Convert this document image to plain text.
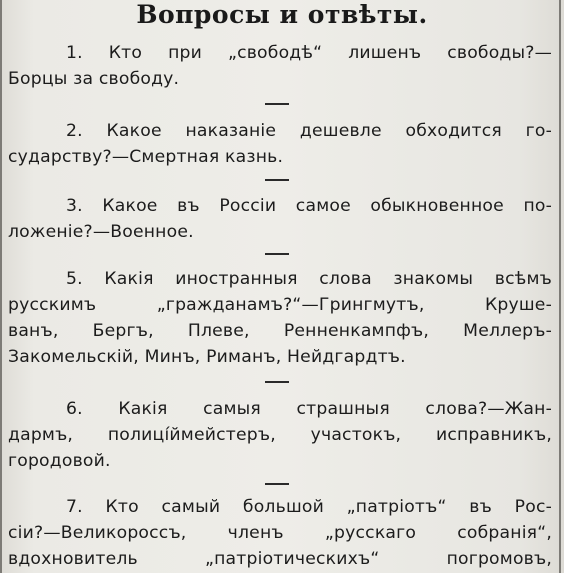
Вопросы и отвѣты.
1. Кто при „свободѣ“ лишенъ свободы?—
Борцы за свободу.
2. Какое наказаніе дешевле обходится го-
сударству?—Смертная казнь.
3. Какое въ Россіи самое обыкновенное по-
ложеніе?—Военное.
5. Какія иностранныя слова знакомы всѣмъ
русскимъ „гражданамъ?“—Грингмутъ, Круше-
ванъ, Бергъ, Плеве, Ренненкампфъ, Меллеръ-
Закомельскій, Минъ, Риманъ, Нейдгардтъ.
6. Какія самыя страшныя слова?—Жан-
дармъ, полицíймейстеръ, участокъ, исправникъ,
городовой.
7. Кто самый большой „патріотъ“ въ Рос-
сіи?—Великороссъ, членъ „русскаго собранія“,
вдохновитель „патріотическихъ“ погромовъ,
